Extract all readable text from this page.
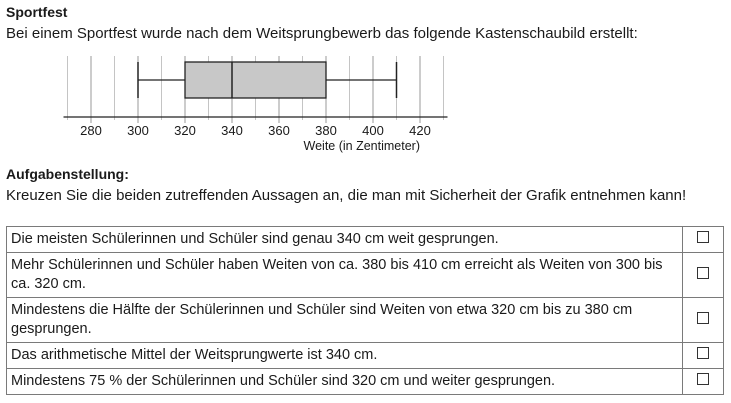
Sportfest
Bei einem Sportfest wurde nach dem Weitsprungbewerb das folgende Kastenschaubild erstellt:
280 300 320 340 360 380 400 420
Weite (in Zentimeter)
Aufgabenstellung:
Kreuzen Sie die beiden zutreffenden Aussagen an, die man mit Sicherheit der Grafik entnehmen kann!
Die meisten Schülerinnen und Schüler sind genau 340 cm weit gesprungen.	
Mehr Schülerinnen und Schüler haben Weiten von ca. 380 bis 410 cm erreicht als Weiten von 300 bis ca. 320 cm.	
Mindestens die Hälfte der Schülerinnen und Schüler sind Weiten von etwa 320 cm bis zu 380 cm gesprungen.	
Das arithmetische Mittel der Weitsprungwerte ist 340 cm.	
Mindestens 75 % der Schülerinnen und Schüler sind 320 cm und weiter gesprungen.	
